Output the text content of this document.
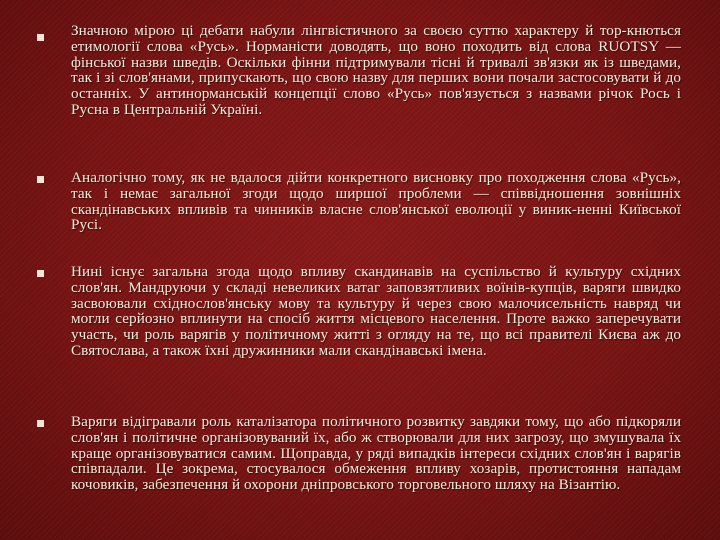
Значною мірою ці дебати набули лінгвістичного за своєю суттю характеру й тор-кнються етимології слова «Русь». Норманісти доводять, що воно походить від слова RUOTSY — фінської назви шведів. Оскільки фінни підтримували тісні й тривалі зв'язки як із шведами, так і зі слов'янами, припускають, що свою назву для перших вони почали застосовувати й до останніх. У антинорманській концепції слово «Русь» пов'язується з назвами річок Рось і Русна в Центральній Україні.

Аналогічно тому, як не вдалося дійти конкретного висновку про походження слова «Русь», так і немає загальної згоди щодо ширшої проблеми — співвідношення зовнішніх скандінавських впливів та чинників власне слов'янської еволюції у виник-ненні Київської Русі.

Нині існує загальна згода щодо впливу скандинавів на суспільство й культуру східних слов'ян. Мандруючи у складі невеликих ватаг заповзятливих воїнів-купців, варяги швидко засвоювали східнослов'янську мову та культуру й через свою малочисельність навряд чи могли серйозно вплинути на спосіб життя місцевого населення. Проте важко заперечувати участь, чи роль варягів у політичному житті з огляду на те, що всі правителі Києва аж до Святослава, а також їхні дружинники мали скандінавські імена.

Варяги відігравали роль каталізатора політичного розвитку завдяки тому, що або підкоряли слов'ян і політичне організовуваний їх, або ж створювали для них загрозу, що змушувала їх краще організовуватися самим. Щоправда, у ряді випадків інтереси східних слов'ян і варягів співпадали. Це зокрема, стосувалося обмеження впливу хозарів, протистояння нападам кочовиків, забезпечення й охорони дніпровського торговельного шляху на Візантію.
